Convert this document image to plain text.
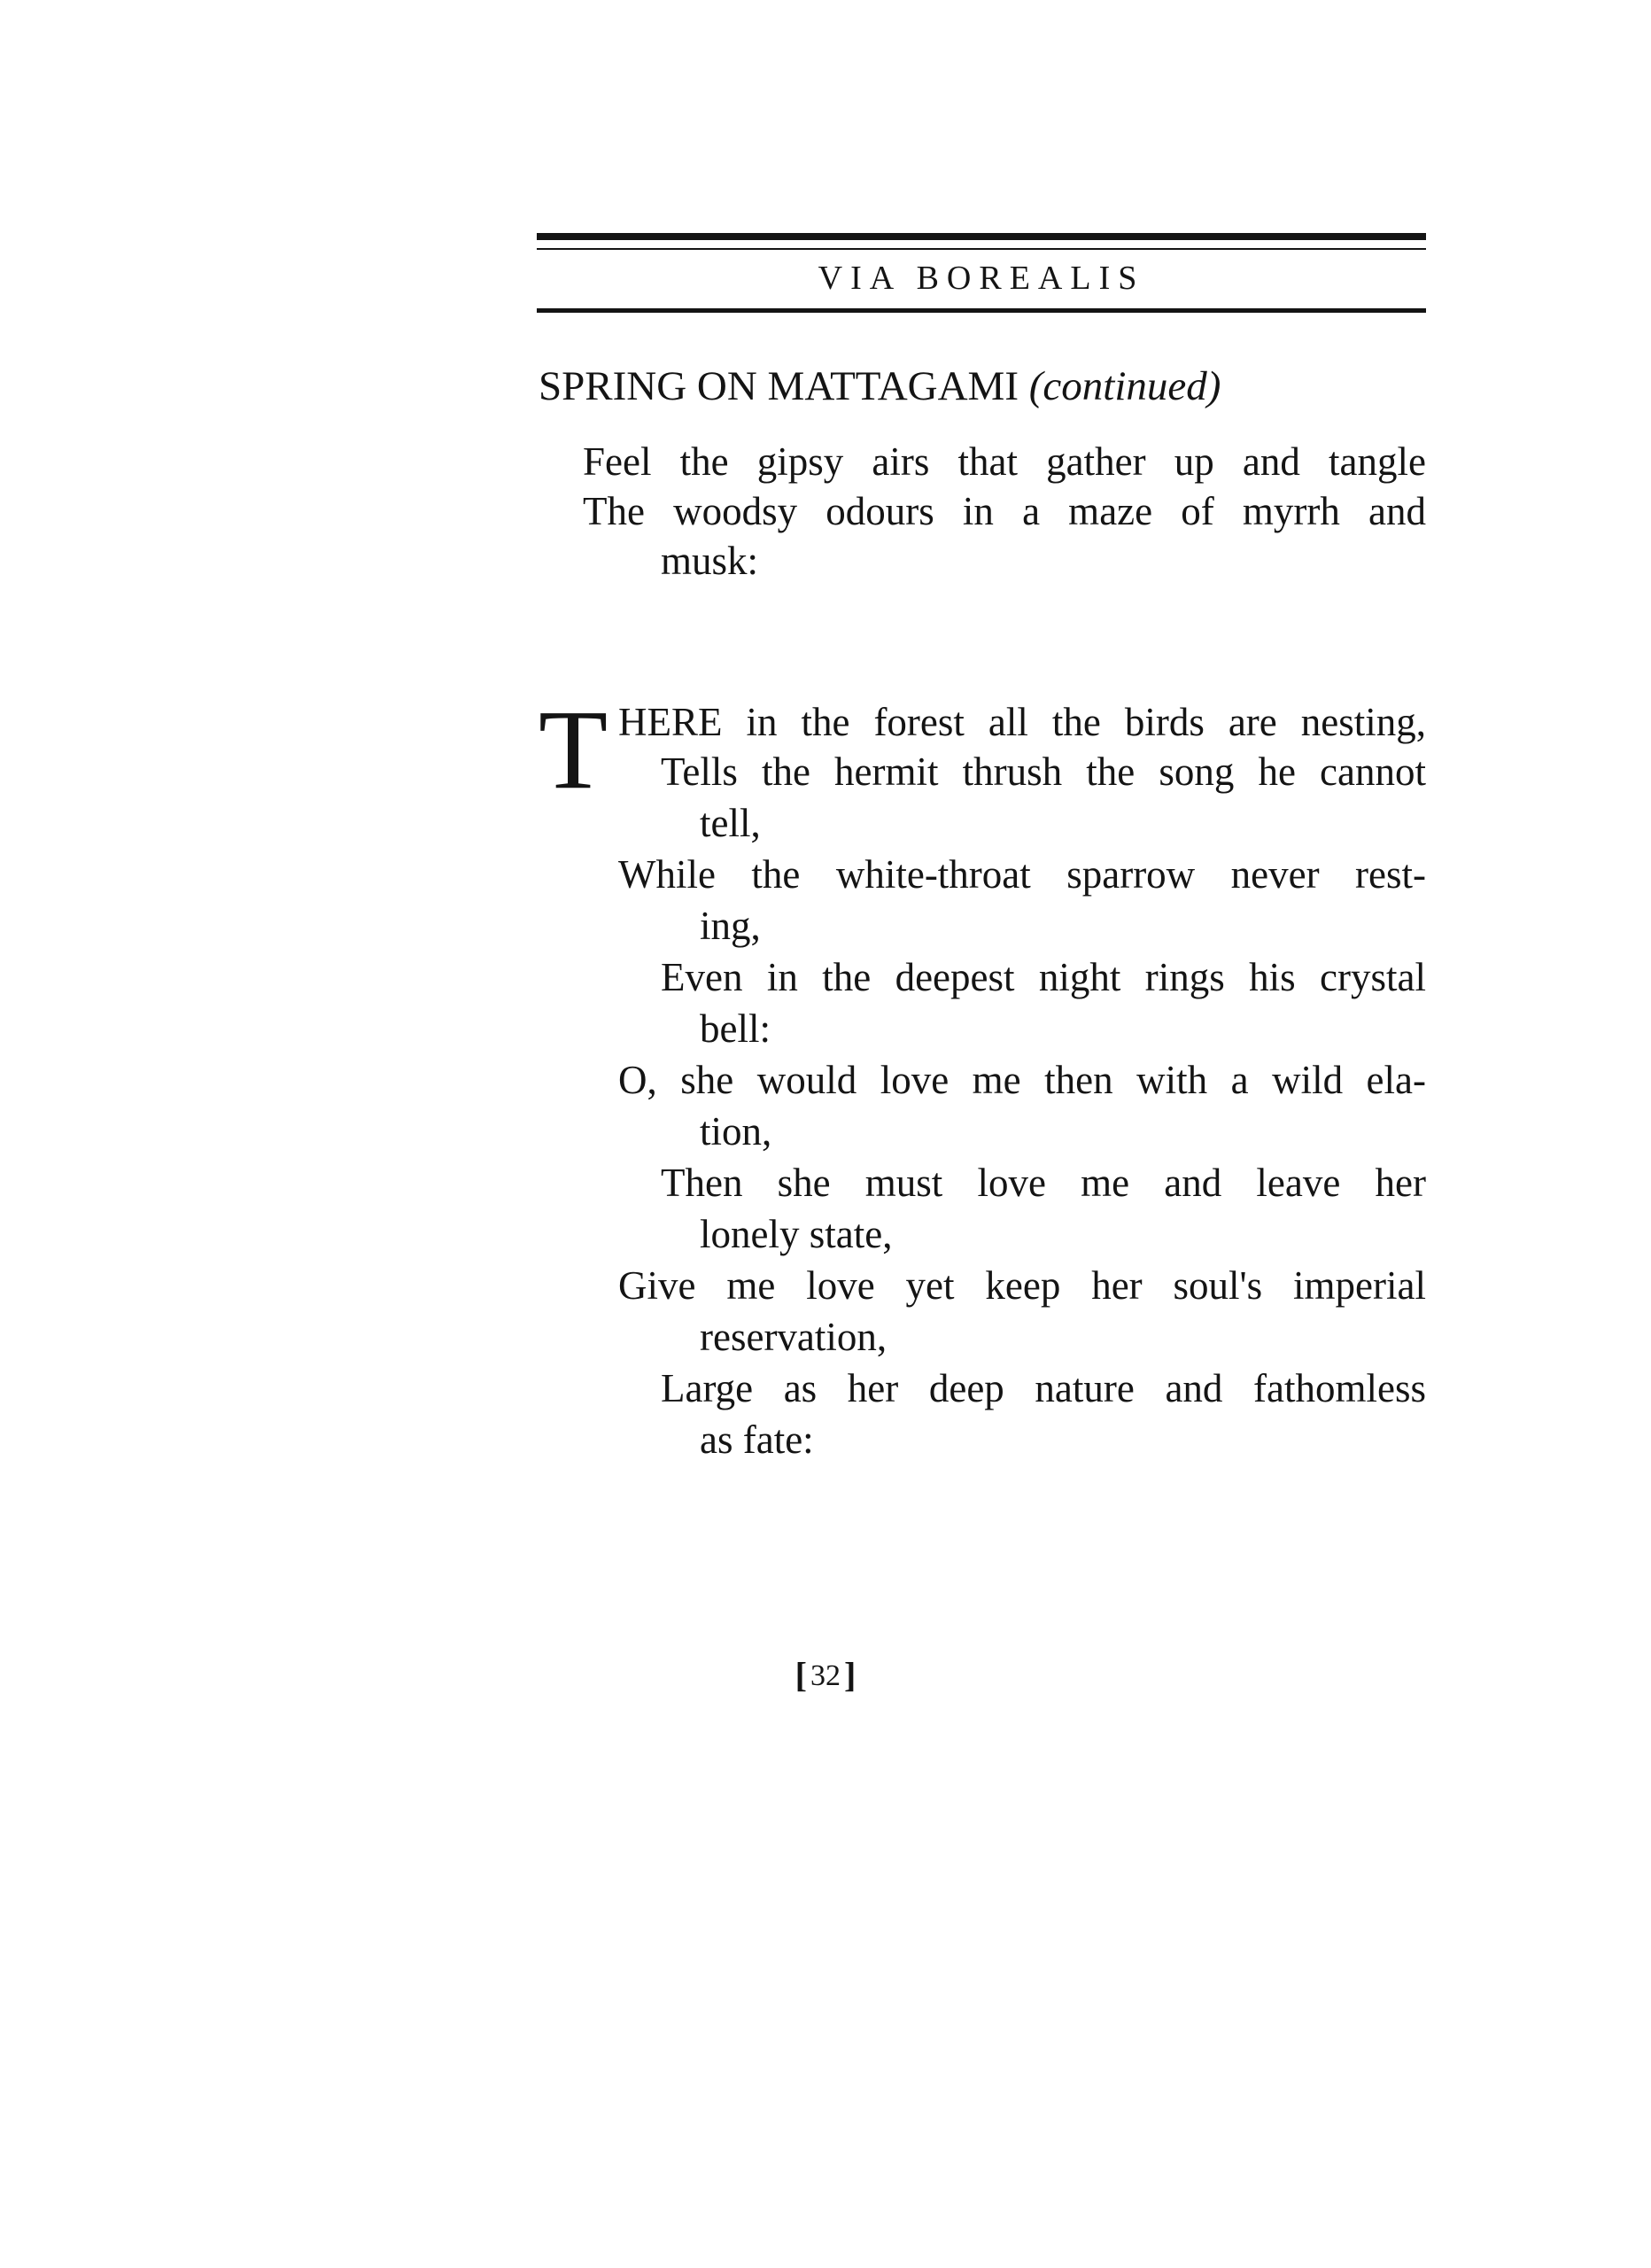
VIA BOREALIS
SPRING ON MATTAGAMI (continued)
Feel the gipsy airs that gather up and tangle
The woodsy odours in a maze of myrrh and
musk:
T HERE in the forest all the birds are nesting,
Tells the hermit thrush the song he cannot
tell,
While the white-throat sparrow never rest-
ing,
Even in the deepest night rings his crystal
bell:
O, she would love me then with a wild ela-
tion,
Then she must love me and leave her
lonely state,
Give me love yet keep her soul's imperial
reservation,
Large as her deep nature and fathomless
as fate:
[ 32 ]
